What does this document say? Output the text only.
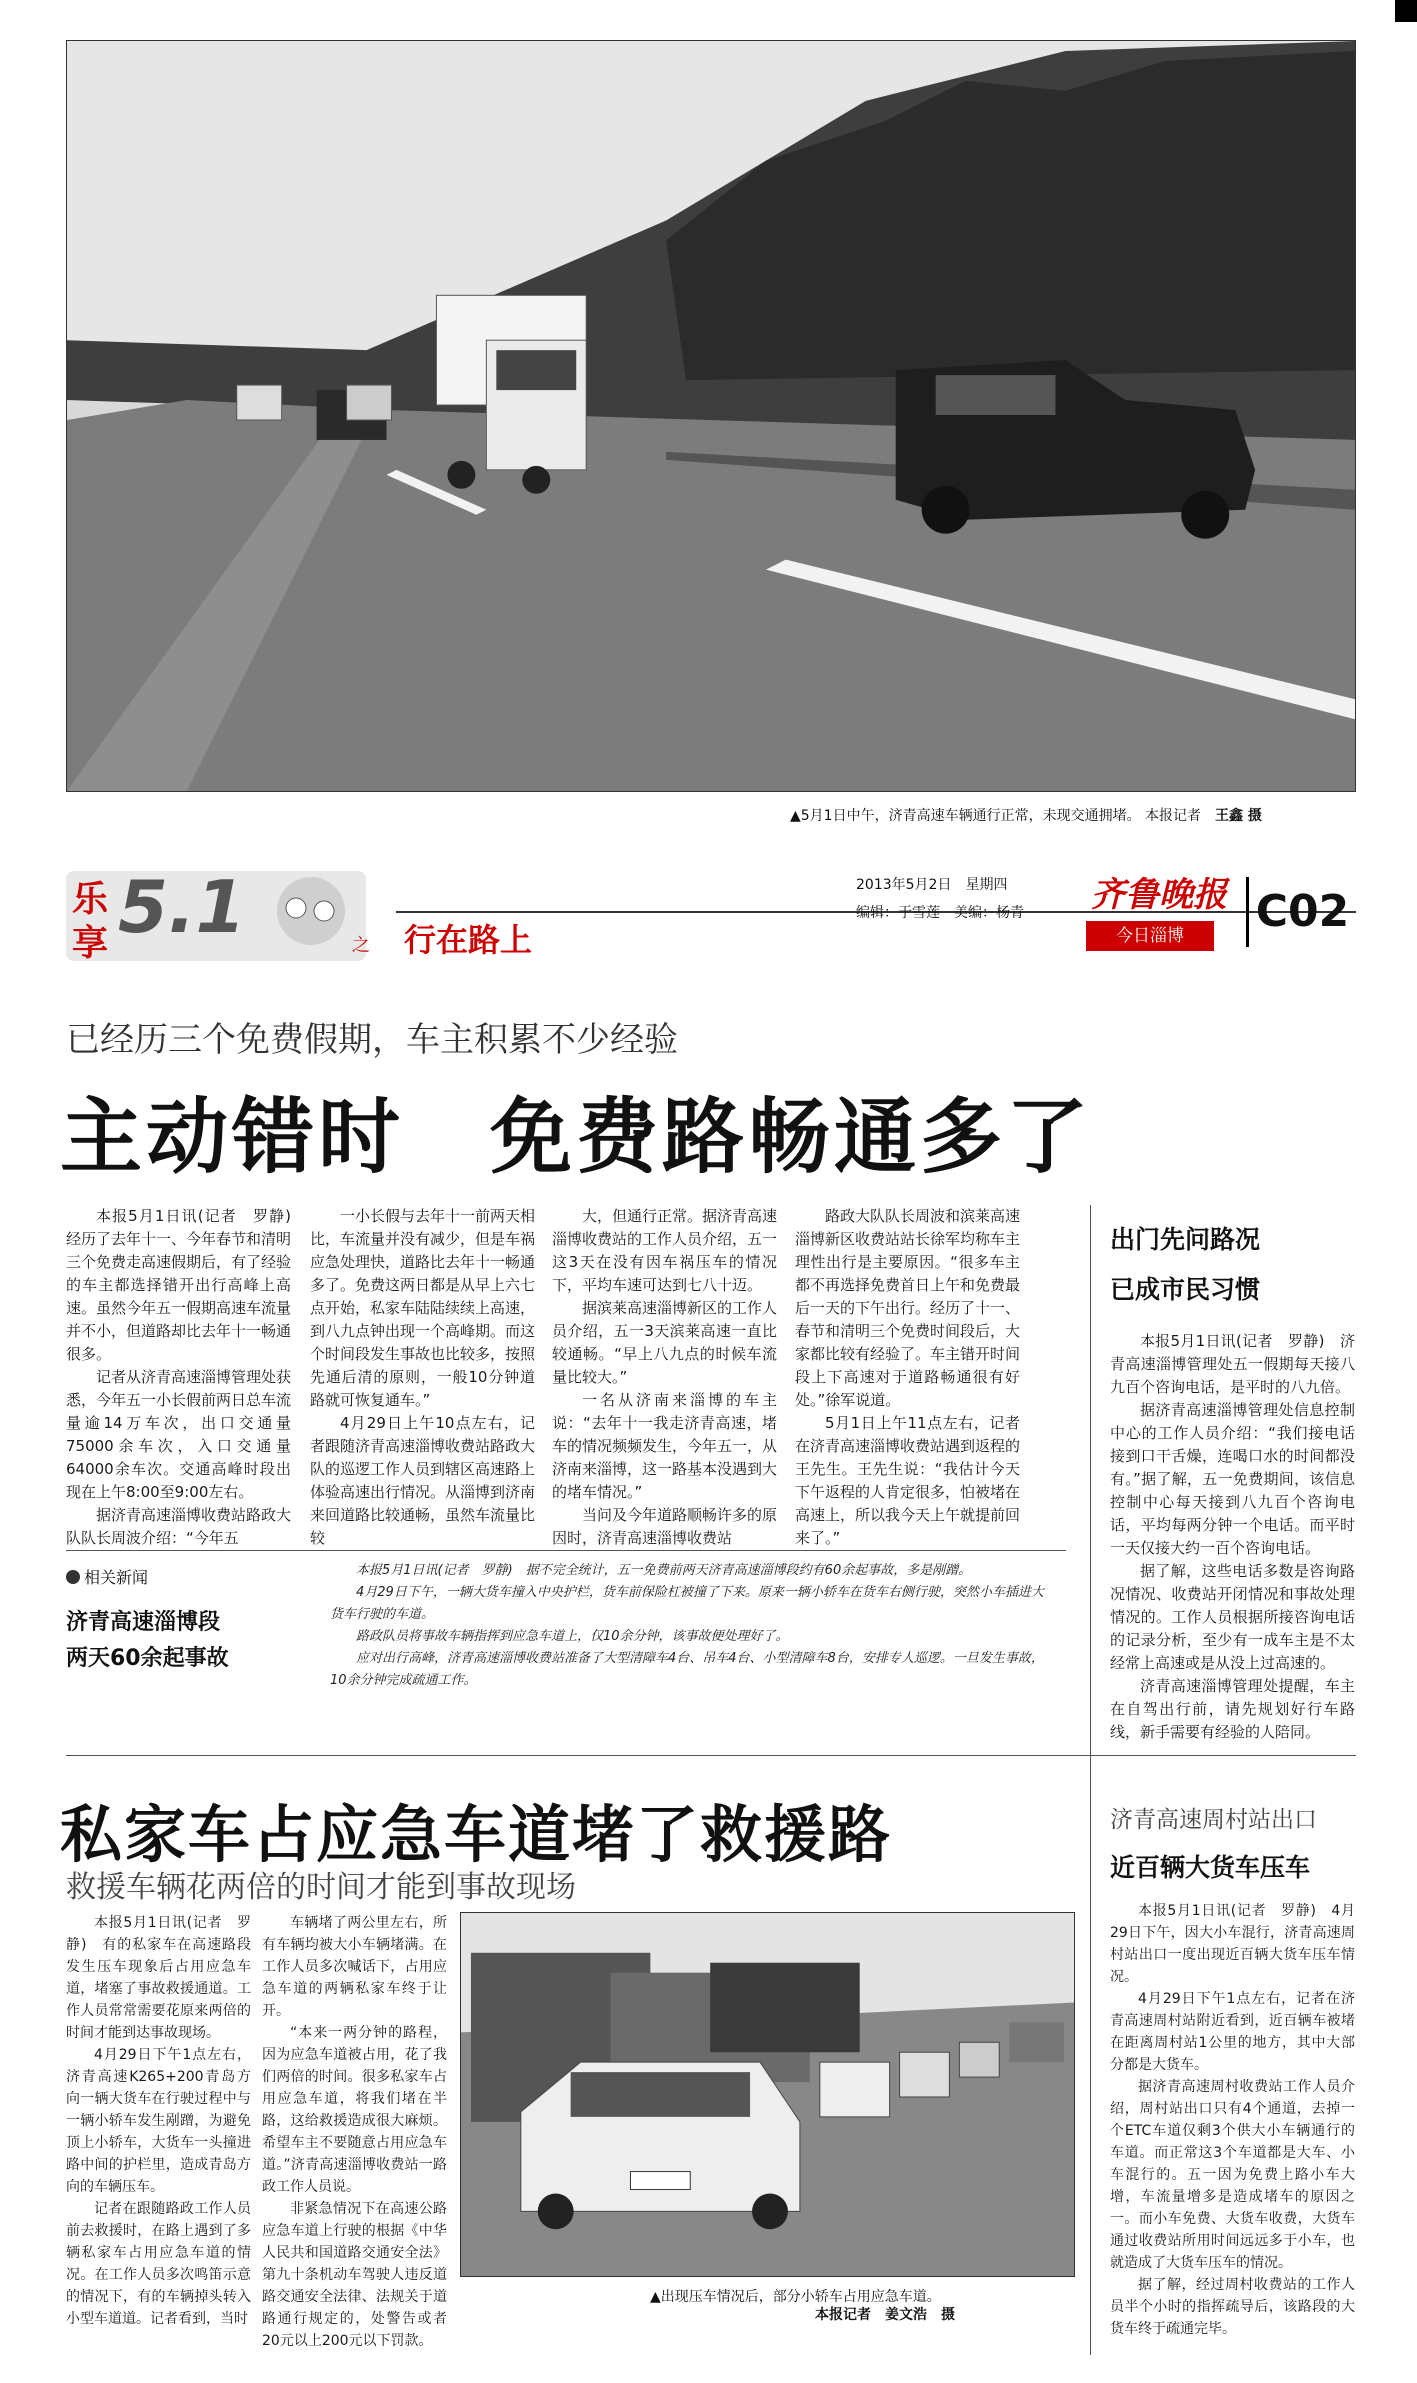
▲5月1日中午，济青高速车辆通行正常，未现交通拥堵。 本报记者 王鑫 摄
乐
享 5.1	之 行在路上
2013年5月2日　星期四
编辑：于雪莲　美编：杨青 齐鲁晚报
今日淄博	C02
已经历三个免费假期，车主积累不少经验
主动错时　免费路畅通多了

本报5月1日讯(记者　罗静)　经历了去年十一、今年春节和清明三个免费走高速假期后，有了经验的车主都选择错开出行高峰上高速。虽然今年五一假期高速车流量并不小，但道路却比去年十一畅通很多。

记者从济青高速淄博管理处获悉，今年五一小长假前两日总车流量逾14万车次，出口交通量75000余车次，入口交通量64000余车次。交通高峰时段出现在上午8:00至9:00左右。

据济青高速淄博收费站路政大队队长周波介绍：“今年五

一小长假与去年十一前两天相比，车流量并没有减少，但是车祸应急处理快，道路比去年十一畅通多了。免费这两日都是从早上六七点开始，私家车陆陆续续上高速，到八九点钟出现一个高峰期。而这个时间段发生事故也比较多，按照先通后清的原则，一般10分钟道路就可恢复通车。”

4月29日上午10点左右，记者跟随济青高速淄博收费站路政大队的巡逻工作人员到辖区高速路上体验高速出行情况。从淄博到济南来回道路比较通畅，虽然车流量比较

大，但通行正常。据济青高速淄博收费站的工作人员介绍，五一这3天在没有因车祸压车的情况下，平均车速可达到七八十迈。

据滨莱高速淄博新区的工作人员介绍，五一3天滨莱高速一直比较通畅。“早上八九点的时候车流量比较大。”

一名从济南来淄博的车主说：“去年十一我走济青高速，堵车的情况频频发生，今年五一，从济南来淄博，这一路基本没遇到大的堵车情况。”

当问及今年道路顺畅许多的原因时，济青高速淄博收费站

路政大队队长周波和滨莱高速淄博新区收费站站长徐军均称车主理性出行是主要原因。“很多车主都不再选择免费首日上午和免费最后一天的下午出行。经历了十一、春节和清明三个免费时间段后，大家都比较有经验了。车主错开时间段上下高速对于道路畅通很有好处。”徐军说道。

5月1日上午11点左右，记者在济青高速淄博收费站遇到返程的王先生。王先生说：“我估计今天下午返程的人肯定很多，怕被堵在高速上，所以我今天上午就提前回来了。”

出门先问路况
已成市民习惯

本报5月1日讯(记者　罗静)　济青高速淄博管理处五一假期每天接八九百个咨询电话，是平时的八九倍。

据济青高速淄博管理处信息控制中心的工作人员介绍：“我们接电话接到口干舌燥，连喝口水的时间都没有。”据了解，五一免费期间，该信息控制中心每天接到八九百个咨询电话，平均每两分钟一个电话。而平时一天仅接大约一百个咨询电话。

据了解，这些电话多数是咨询路况情况、收费站开闭情况和事故处理情况的。工作人员根据所接咨询电话的记录分析，至少有一成车主是不太经常上高速或是从没上过高速的。

济青高速淄博管理处提醒，车主在自驾出行前，请先规划好行车路线，新手需要有经验的人陪同。

相关新闻
济青高速淄博段
两天60余起事故

本报5月1日讯(记者　罗静)　据不完全统计，五一免费前两天济青高速淄博段约有60余起事故，多是剐蹭。

4月29日下午，一辆大货车撞入中央护栏，货车前保险杠被撞了下来。原来一辆小轿车在货车右侧行驶，突然小车插进大货车行驶的车道。

路政队员将事故车辆指挥到应急车道上，仅10余分钟，该事故便处理好了。

应对出行高峰，济青高速淄博收费站准备了大型清障车4台、吊车4台、小型清障车8台，安排专人巡逻。一旦发生事故，10余分钟完成疏通工作。

私家车占应急车道堵了救援路
救援车辆花两倍的时间才能到事故现场

本报5月1日讯(记者　罗静)　有的私家车在高速路段发生压车现象后占用应急车道，堵塞了事故救援通道。工作人员常常需要花原来两倍的时间才能到达事故现场。

4月29日下午1点左右，济青高速K265+200青岛方向一辆大货车在行驶过程中与一辆小轿车发生剐蹭，为避免顶上小轿车，大货车一头撞进路中间的护栏里，造成青岛方向的车辆压车。

记者在跟随路政工作人员前去救援时，在路上遇到了多辆私家车占用应急车道的情况。在工作人员多次鸣笛示意的情况下，有的车辆掉头转入小型车道道。记者看到，当时

车辆堵了两公里左右，所有车辆均被大小车辆堵满。在工作人员多次喊话下，占用应急车道的两辆私家车终于让开。

“本来一两分钟的路程，因为应急车道被占用，花了我们两倍的时间。很多私家车占用应急车道，将我们堵在半路，这给救援造成很大麻烦。希望车主不要随意占用应急车道。”济青高速淄博收费站一路政工作人员说。

非紧急情况下在高速公路应急车道上行驶的根据《中华人民共和国道路交通安全法》第九十条机动车驾驶人违反道路交通安全法律、法规关于道路通行规定的，处警告或者20元以上200元以下罚款。

▲出现压车情况后，部分小轿车占用应急车道。
本报记者　姜文浩　摄
济青高速周村站出口
近百辆大货车压车

本报5月1日讯(记者　罗静)　4月29日下午，因大小车混行，济青高速周村站出口一度出现近百辆大货车压车情况。

4月29日下午1点左右，记者在济青高速周村站附近看到，近百辆车被堵在距离周村站1公里的地方，其中大部分都是大货车。

据济青高速周村收费站工作人员介绍，周村站出口只有4个通道，去掉一个ETC车道仅剩3个供大小车辆通行的车道。而正常这3个车道都是大车、小车混行的。五一因为免费上路小车大增，车流量增多是造成堵车的原因之一。而小车免费、大货车收费，大货车通过收费站所用时间远远多于小车，也就造成了大货车压车的情况。

据了解，经过周村收费站的工作人员半个小时的指挥疏导后，该路段的大货车终于疏通完毕。
